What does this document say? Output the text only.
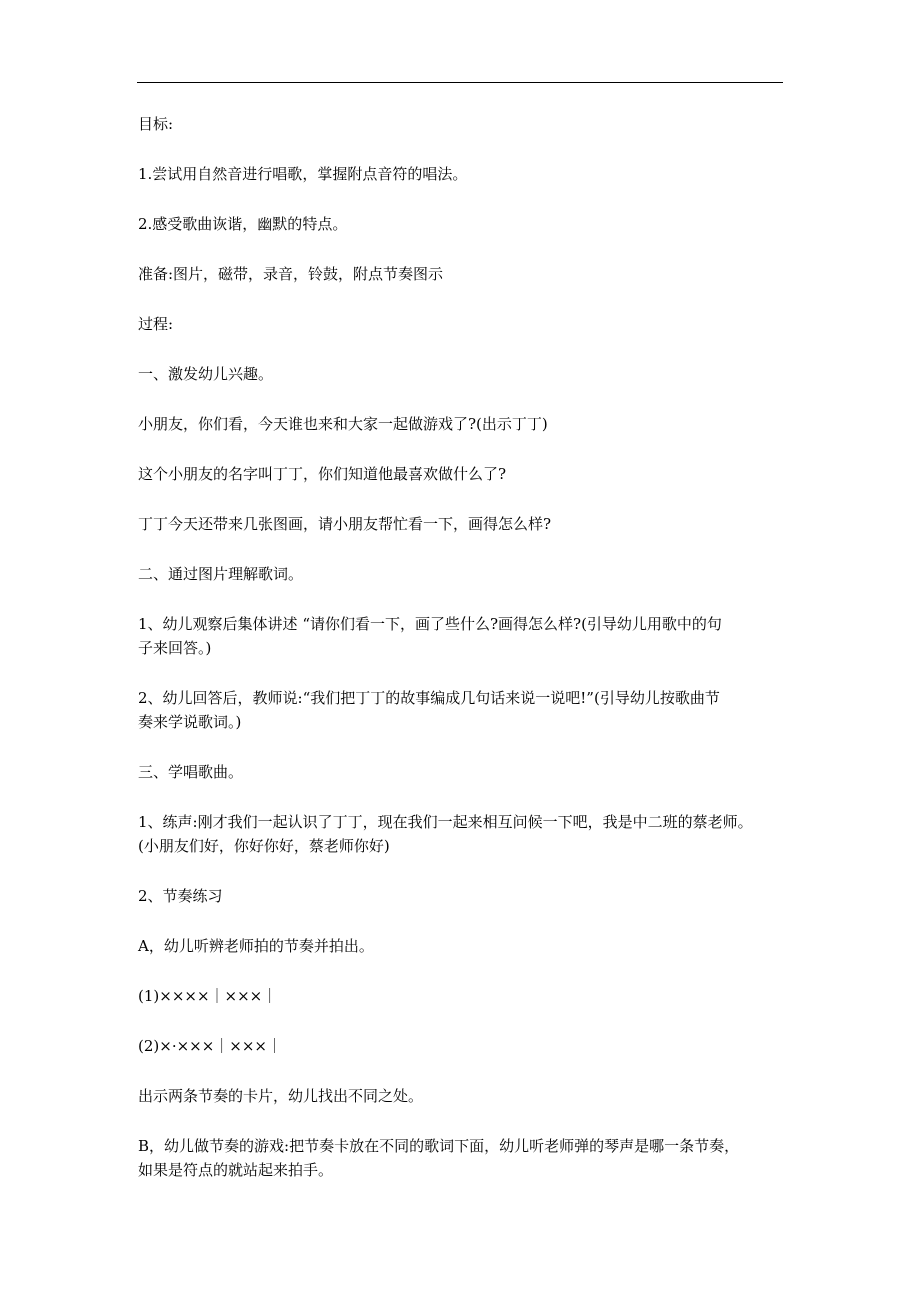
目标:

1.尝试用自然音进行唱歌，掌握附点音符的唱法。

2.感受歌曲诙谐，幽默的特点。

准备:图片，磁带，录音，铃鼓，附点节奏图示

过程:

一、激发幼儿兴趣。

小朋友，你们看，今天谁也来和大家一起做游戏了?(出示丁丁)

这个小朋友的名字叫丁丁，你们知道他最喜欢做什么了?

丁丁今天还带来几张图画，请小朋友帮忙看一下，画得怎么样?

二、通过图片理解歌词。

1、幼儿观察后集体讲述 “请你们看一下，画了些什么?画得怎么样?(引导幼儿用歌中的句
子来回答。)

2、幼儿回答后，教师说:“我们把丁丁的故事编成几句话来说一说吧!”(引导幼儿按歌曲节
奏来学说歌词。)

三、学唱歌曲。

1、练声:刚才我们一起认识了丁丁，现在我们一起来相互问候一下吧，我是中二班的蔡老师。
(小朋友们好，你好你好，蔡老师你好)

2、节奏练习

A，幼儿听辨老师拍的节奏并拍出。

(1)××××｜×××｜

(2)×·×××｜×××｜

出示两条节奏的卡片，幼儿找出不同之处。

B，幼儿做节奏的游戏:把节奏卡放在不同的歌词下面，幼儿听老师弹的琴声是哪一条节奏，
如果是符点的就站起来拍手。
